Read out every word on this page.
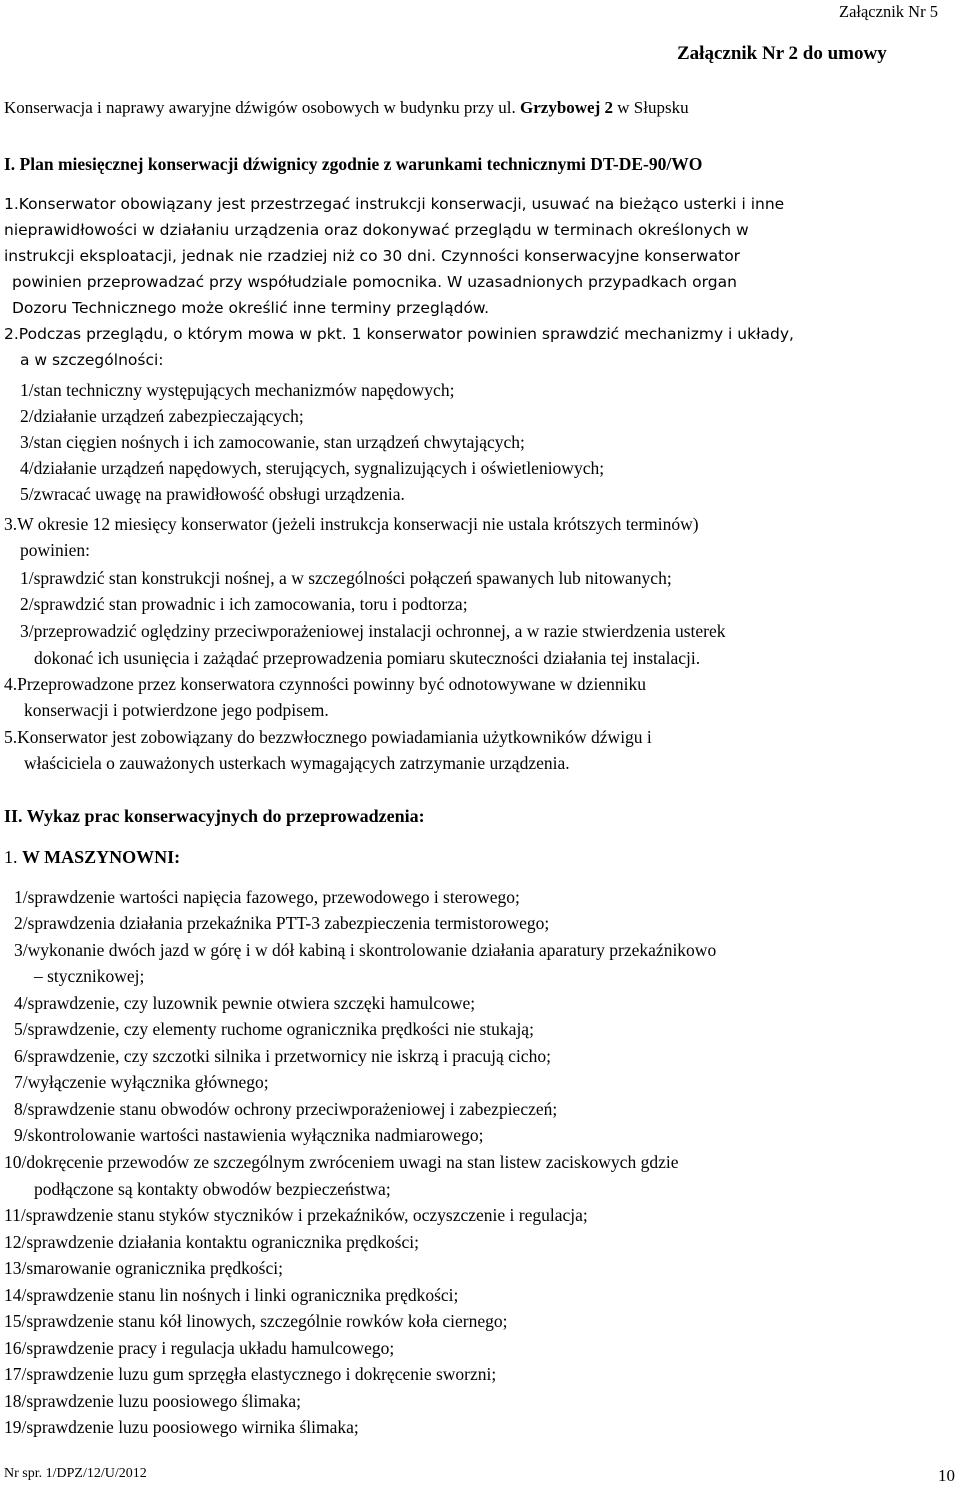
Załącznik Nr 5
Załącznik Nr 2 do umowy
Konserwacja i naprawy awaryjne dźwigów osobowych w budynku przy ul. Grzybowej 2 w Słupsku
I. Plan miesięcznej konserwacji dźwignicy zgodnie z warunkami technicznymi DT-DE-90/WO
1.Konserwator obowiązany jest przestrzegać instrukcji konserwacji, usuwać na bieżąco usterki i inne
nieprawidłowości w działaniu urządzenia oraz dokonywać przeglądu w terminach określonych w
instrukcji eksploatacji, jednak nie rzadziej niż co 30 dni. Czynności konserwacyjne konserwator
powinien przeprowadzać przy współudziale pomocnika. W uzasadnionych przypadkach organ
Dozoru Technicznego może określić inne terminy przeglądów.
2.Podczas przeglądu, o którym mowa w pkt. 1 konserwator powinien sprawdzić mechanizmy i układy,
a w szczególności:
1/stan techniczny występujących mechanizmów napędowych;
2/działanie urządzeń zabezpieczających;
3/stan cięgien nośnych i ich zamocowanie, stan urządzeń chwytających;
4/działanie urządzeń napędowych, sterujących, sygnalizujących i oświetleniowych;
5/zwracać uwagę na prawidłowość obsługi urządzenia.
3.W okresie 12 miesięcy konserwator (jeżeli instrukcja konserwacji nie ustala krótszych terminów)
powinien:
1/sprawdzić stan konstrukcji nośnej, a w szczególności połączeń spawanych lub nitowanych;
2/sprawdzić stan prowadnic i ich zamocowania, toru i podtorza;
3/przeprowadzić oględziny przeciwporażeniowej instalacji ochronnej, a w razie stwierdzenia usterek
dokonać ich usunięcia i zażądać przeprowadzenia pomiaru skuteczności działania tej instalacji.
4.Przeprowadzone przez konserwatora czynności powinny być odnotowywane w dzienniku
konserwacji i potwierdzone jego podpisem.
5.Konserwator jest zobowiązany do bezzwłocznego powiadamiania użytkowników dźwigu i
właściciela o zauważonych usterkach wymagających zatrzymanie urządzenia.
II. Wykaz prac konserwacyjnych do przeprowadzenia:
1. W MASZYNOWNI:
1/sprawdzenie wartości napięcia fazowego, przewodowego i sterowego;
2/sprawdzenia działania przekaźnika PTT-3 zabezpieczenia termistorowego;
3/wykonanie dwóch jazd w górę i w dół kabiną i skontrolowanie działania aparatury przekaźnikowo
– stycznikowej;
4/sprawdzenie, czy luzownik pewnie otwiera szczęki hamulcowe;
5/sprawdzenie, czy elementy ruchome ogranicznika prędkości nie stukają;
6/sprawdzenie, czy szczotki silnika i przetwornicy nie iskrzą i pracują cicho;
7/wyłączenie wyłącznika głównego;
8/sprawdzenie stanu obwodów ochrony przeciwporażeniowej i zabezpieczeń;
9/skontrolowanie wartości nastawienia wyłącznika nadmiarowego;
10/dokręcenie przewodów ze szczególnym zwróceniem uwagi na stan listew zaciskowych gdzie
podłączone są kontakty obwodów bezpieczeństwa;
11/sprawdzenie stanu styków styczników i przekaźników, oczyszczenie i regulacja;
12/sprawdzenie działania kontaktu ogranicznika prędkości;
13/smarowanie ogranicznika prędkości;
14/sprawdzenie stanu lin nośnych i linki ogranicznika prędkości;
15/sprawdzenie stanu kół linowych, szczególnie rowków koła ciernego;
16/sprawdzenie pracy i regulacja układu hamulcowego;
17/sprawdzenie luzu gum sprzęgła elastycznego i dokręcenie sworzni;
18/sprawdzenie luzu poosiowego ślimaka;
19/sprawdzenie luzu poosiowego wirnika ślimaka;
Nr spr. 1/DPZ/12/U/2012	10
